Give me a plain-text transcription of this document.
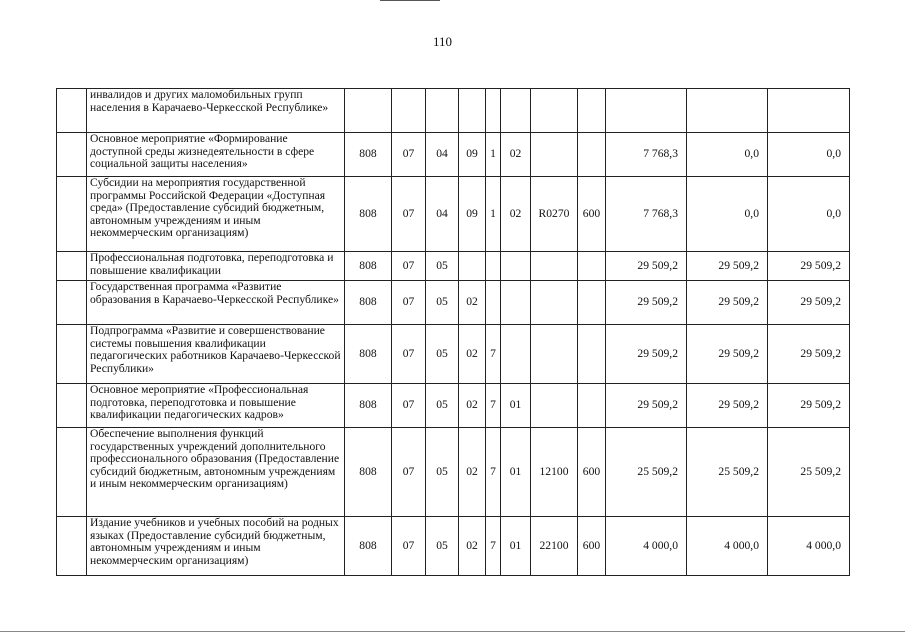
110
	инвалидов и других маломобильных групп населения в Карачаево-Черкесской Республике»											
	Основное мероприятие «Формирование доступной среды жизнедеятельности в сфере социальной защиты населения»	808	07	04	09	1	02			7 768,3	0,0	0,0
	Субсидии на мероприятия государственной программы Российской Федерации «Доступная среда» (Предоставление субсидий бюджетным, автономным учреждениям и иным некоммерческим организациям)	808	07	04	09	1	02	R0270	600	7 768,3	0,0	0,0
	Профессиональная подготовка, переподготовка и повышение квалификации	808	07	05						29 509,2	29 509,2	29 509,2
	Государственная программа «Развитие образования в Карачаево-Черкесской Республике»	808	07	05	02					29 509,2	29 509,2	29 509,2
	Подпрограмма «Развитие и совершенствование системы повышения квалификации педагогических работников Карачаево-Черкесской Республики»	808	07	05	02	7				29 509,2	29 509,2	29 509,2
	Основное мероприятие «Профессиональная подготовка, переподготовка и повышение квалификации педагогических кадров»	808	07	05	02	7	01			29 509,2	29 509,2	29 509,2
	Обеспечение выполнения функций государственных учреждений дополнительного профессионального образования (Предоставление субсидий бюджетным, автономным учреждениям и иным некоммерческим организациям)	808	07	05	02	7	01	12100	600	25 509,2	25 509,2	25 509,2
	Издание учебников и учебных пособий на родных языках (Предоставление субсидий бюджетным, автономным учреждениям и иным некоммерческим организациям)	808	07	05	02	7	01	22100	600	4 000,0	4 000,0	4 000,0
